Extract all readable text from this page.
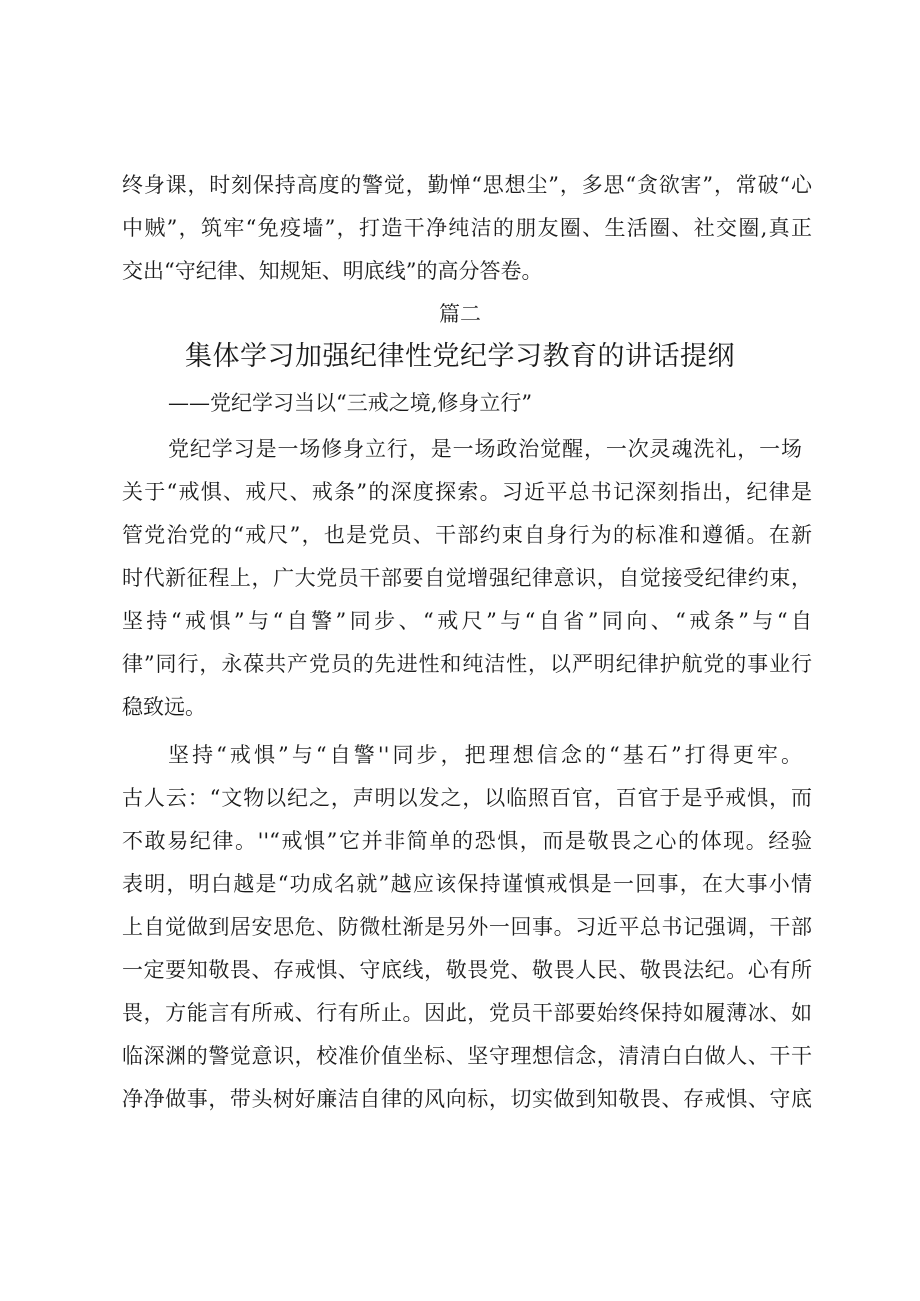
终身课，时刻保持高度的警觉，勤惮“思想尘”，多思“贪欲害”，常破“心
中贼”，筑牢“免疫墙”，打造干净纯洁的朋友圈、生活圈、社交圈,真正
交出“守纪律、知规矩、明底线”的高分答卷。
篇二
集体学习加强纪律性党纪学习教育的讲话提纲
——党纪学习当以“三戒之境,修身立行”
党纪学习是一场修身立行，是一场政治觉醒，一次灵魂洗礼，一场
关于“戒惧、戒尺、戒条”的深度探索。习近平总书记深刻指出，纪律是
管党治党的“戒尺”，也是党员、干部约束自身行为的标准和遵循。在新
时代新征程上，广大党员干部要自觉增强纪律意识，自觉接受纪律约束，
坚持“戒惧”与“自警”同步、“戒尺”与“自省”同向、“戒条”与“自
律”同行，永葆共产党员的先进性和纯洁性，以严明纪律护航党的事业行
稳致远。
坚持“戒惧”与“自警''同步，把理想信念的“基石”打得更牢。
古人云：“文物以纪之，声明以发之，以临照百官，百官于是乎戒惧，而
不敢易纪律。''“戒惧”它并非简单的恐惧，而是敬畏之心的体现。经验
表明，明白越是“功成名就”越应该保持谨慎戒惧是一回事，在大事小情
上自觉做到居安思危、防微杜渐是另外一回事。习近平总书记强调，干部
一定要知敬畏、存戒惧、守底线，敬畏党、敬畏人民、敬畏法纪。心有所
畏，方能言有所戒、行有所止。因此，党员干部要始终保持如履薄冰、如
临深渊的警觉意识，校准价值坐标、坚守理想信念，清清白白做人、干干
净净做事，带头树好廉洁自律的风向标，切实做到知敬畏、存戒惧、守底
